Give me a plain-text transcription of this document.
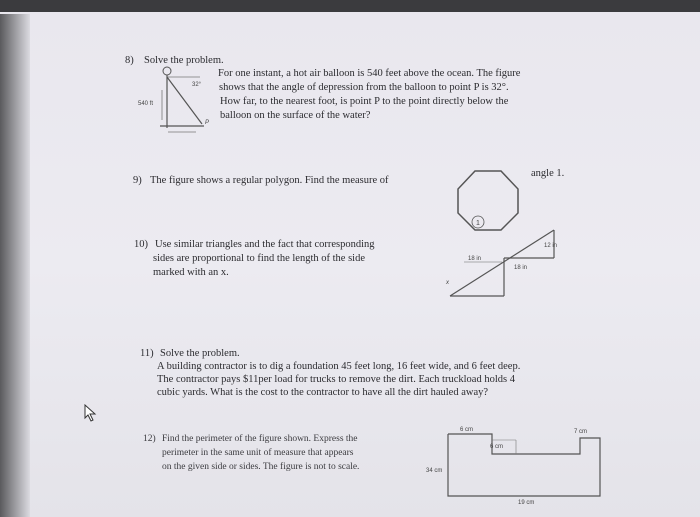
8) Solve the problem.
For one instant, a hot air balloon is 540 feet above the ocean. The figure
shows that the angle of depression from the balloon to point P is 32°.
How far, to the nearest foot, is point P to the point directly below the
balloon on the surface of the water?
32°
540 ft
P
9) The figure shows a regular polygon. Find the measure of
angle 1.
1
10) Use similar triangles and the fact that corresponding
sides are proportional to find the length of the side
marked with an x.
18 in
12 in
18 in
x
11) Solve the problem.
A building contractor is to dig a foundation 45 feet long, 16 feet wide, and 6 feet deep.
The contractor pays $11per load for trucks to remove the dirt. Each truckload holds 4
cubic yards. What is the cost to the contractor to have all the dirt hauled away?
12) Find the perimeter of the figure shown. Express the
perimeter in the same unit of measure that appears
on the given side or sides. The figure is not to scale.
6 cm
6 cm
7 cm
34 cm
19 cm
